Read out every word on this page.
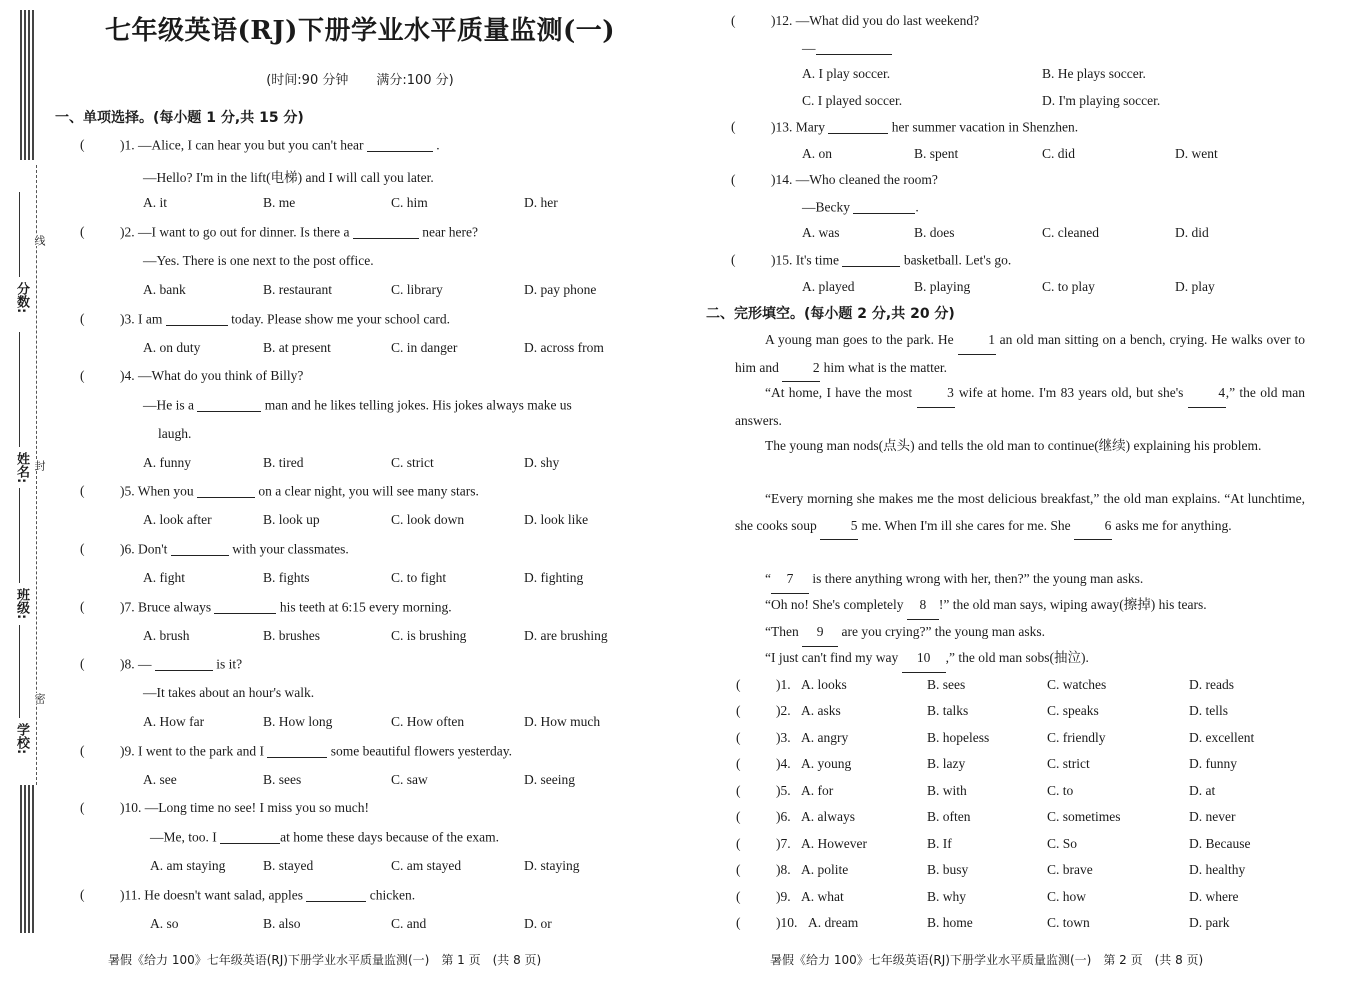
线
封
密
分数:
姓名:
班级:
学校:
七年级英语(RJ)下册学业水平质量监测(一)
(时间:90 分钟 满分:100 分)
一、单项选择。(每小题 1 分,共 15 分)
(	)1. —Alice, I can hear you but you can't hear	.
—Hello? I'm in the lift(电梯) and I will call you later.
A. it	B. me	C. him	D. her
(	)2. —I want to go out for dinner. Is there a	near here?
—Yes. There is one next to the post office.
A. bank	B. restaurant	C. library	D. pay phone
(	)3. I am	today. Please show me your school card.
A. on duty	B. at present	C. in danger	D. across from
(	)4. —What do you think of Billy?
—He is a	man and he likes telling jokes. His jokes always make us
laugh.
A. funny	B. tired	C. strict	D. shy
(	)5. When you	on a clear night, you will see many stars.
A. look after	B. look up	C. look down	D. look like
(	)6. Don't	with your classmates.
A. fight	B. fights	C. to fight	D. fighting
(	)7. Bruce always	his teeth at 6:15 every morning.
A. brush	B. brushes	C. is brushing	D. are brushing
(	)8. —	is it?
—It takes about an hour's walk.
A. How far	B. How long	C. How often	D. How much
(	)9. I went to the park and I	some beautiful flowers yesterday.
A. see	B. sees	C. saw	D. seeing
(	)10. —Long time no see! I miss you so much!
—Me, too. I	at home these days because of the exam.
A. am staying	B. stayed	C. am stayed	D. staying
(	)11. He doesn't want salad, apples	chicken.
A. so	B. also	C. and	D. or
(	)12. —What did you do last weekend?
—
A. I play soccer.	B. He plays soccer.
C. I played soccer.	D. I'm playing soccer.
(	)13. Mary	her summer vacation in Shenzhen.
A. on	B. spent	C. did	D. went
(	)14. —Who cleaned the room?
—Becky	.
A. was	B. does	C. cleaned	D. did
(	)15. It's time	basketball. Let's go.
A. played	B. playing	C. to play	D. play
二、完形填空。(每小题 2 分,共 20 分)
A young man goes to the park. He	1 an old man sitting on a bench, crying. He walks over to him and	2 him what is the matter.
“At home, I have the most	3 wife at home. I'm 83 years old, but she's	4,” the old man answers.
The young man nods(点头) and tells the old man to continue(继续) explaining his problem.
“Every morning she makes me the most delicious breakfast,” the old man explains. “At lunchtime, she cooks soup	5 me. When I'm ill she cares for me. She	6 asks me for anything.
“ 7 is there anything wrong with her, then?” the young man asks.
“Oh no! She's completely 8 !” the old man says, wiping away(擦掉) his tears.
“Then 9 are you crying?” the young man asks.
“I just can't find my way 10 ,” the old man sobs(抽泣).
(	)1. A. looks	B. sees	C. watches	D. reads
(	)2. A. asks	B. talks	C. speaks	D. tells
(	)3. A. angry	B. hopeless	C. friendly	D. excellent
(	)4. A. young	B. lazy	C. strict	D. funny
(	)5. A. for	B. with	C. to	D. at
(	)6. A. always	B. often	C. sometimes	D. never
(	)7. A. However	B. If	C. So	D. Because
(	)8. A. polite	B. busy	C. brave	D. healthy
(	)9. A. what	B. why	C. how	D. where
(	)10. A. dream	B. home	C. town	D. park
暑假《给力 100》七年级英语(RJ)下册学业水平质量监测(一)　第 1 页　(共 8 页)	暑假《给力 100》七年级英语(RJ)下册学业水平质量监测(一)　第 2 页　(共 8 页)
